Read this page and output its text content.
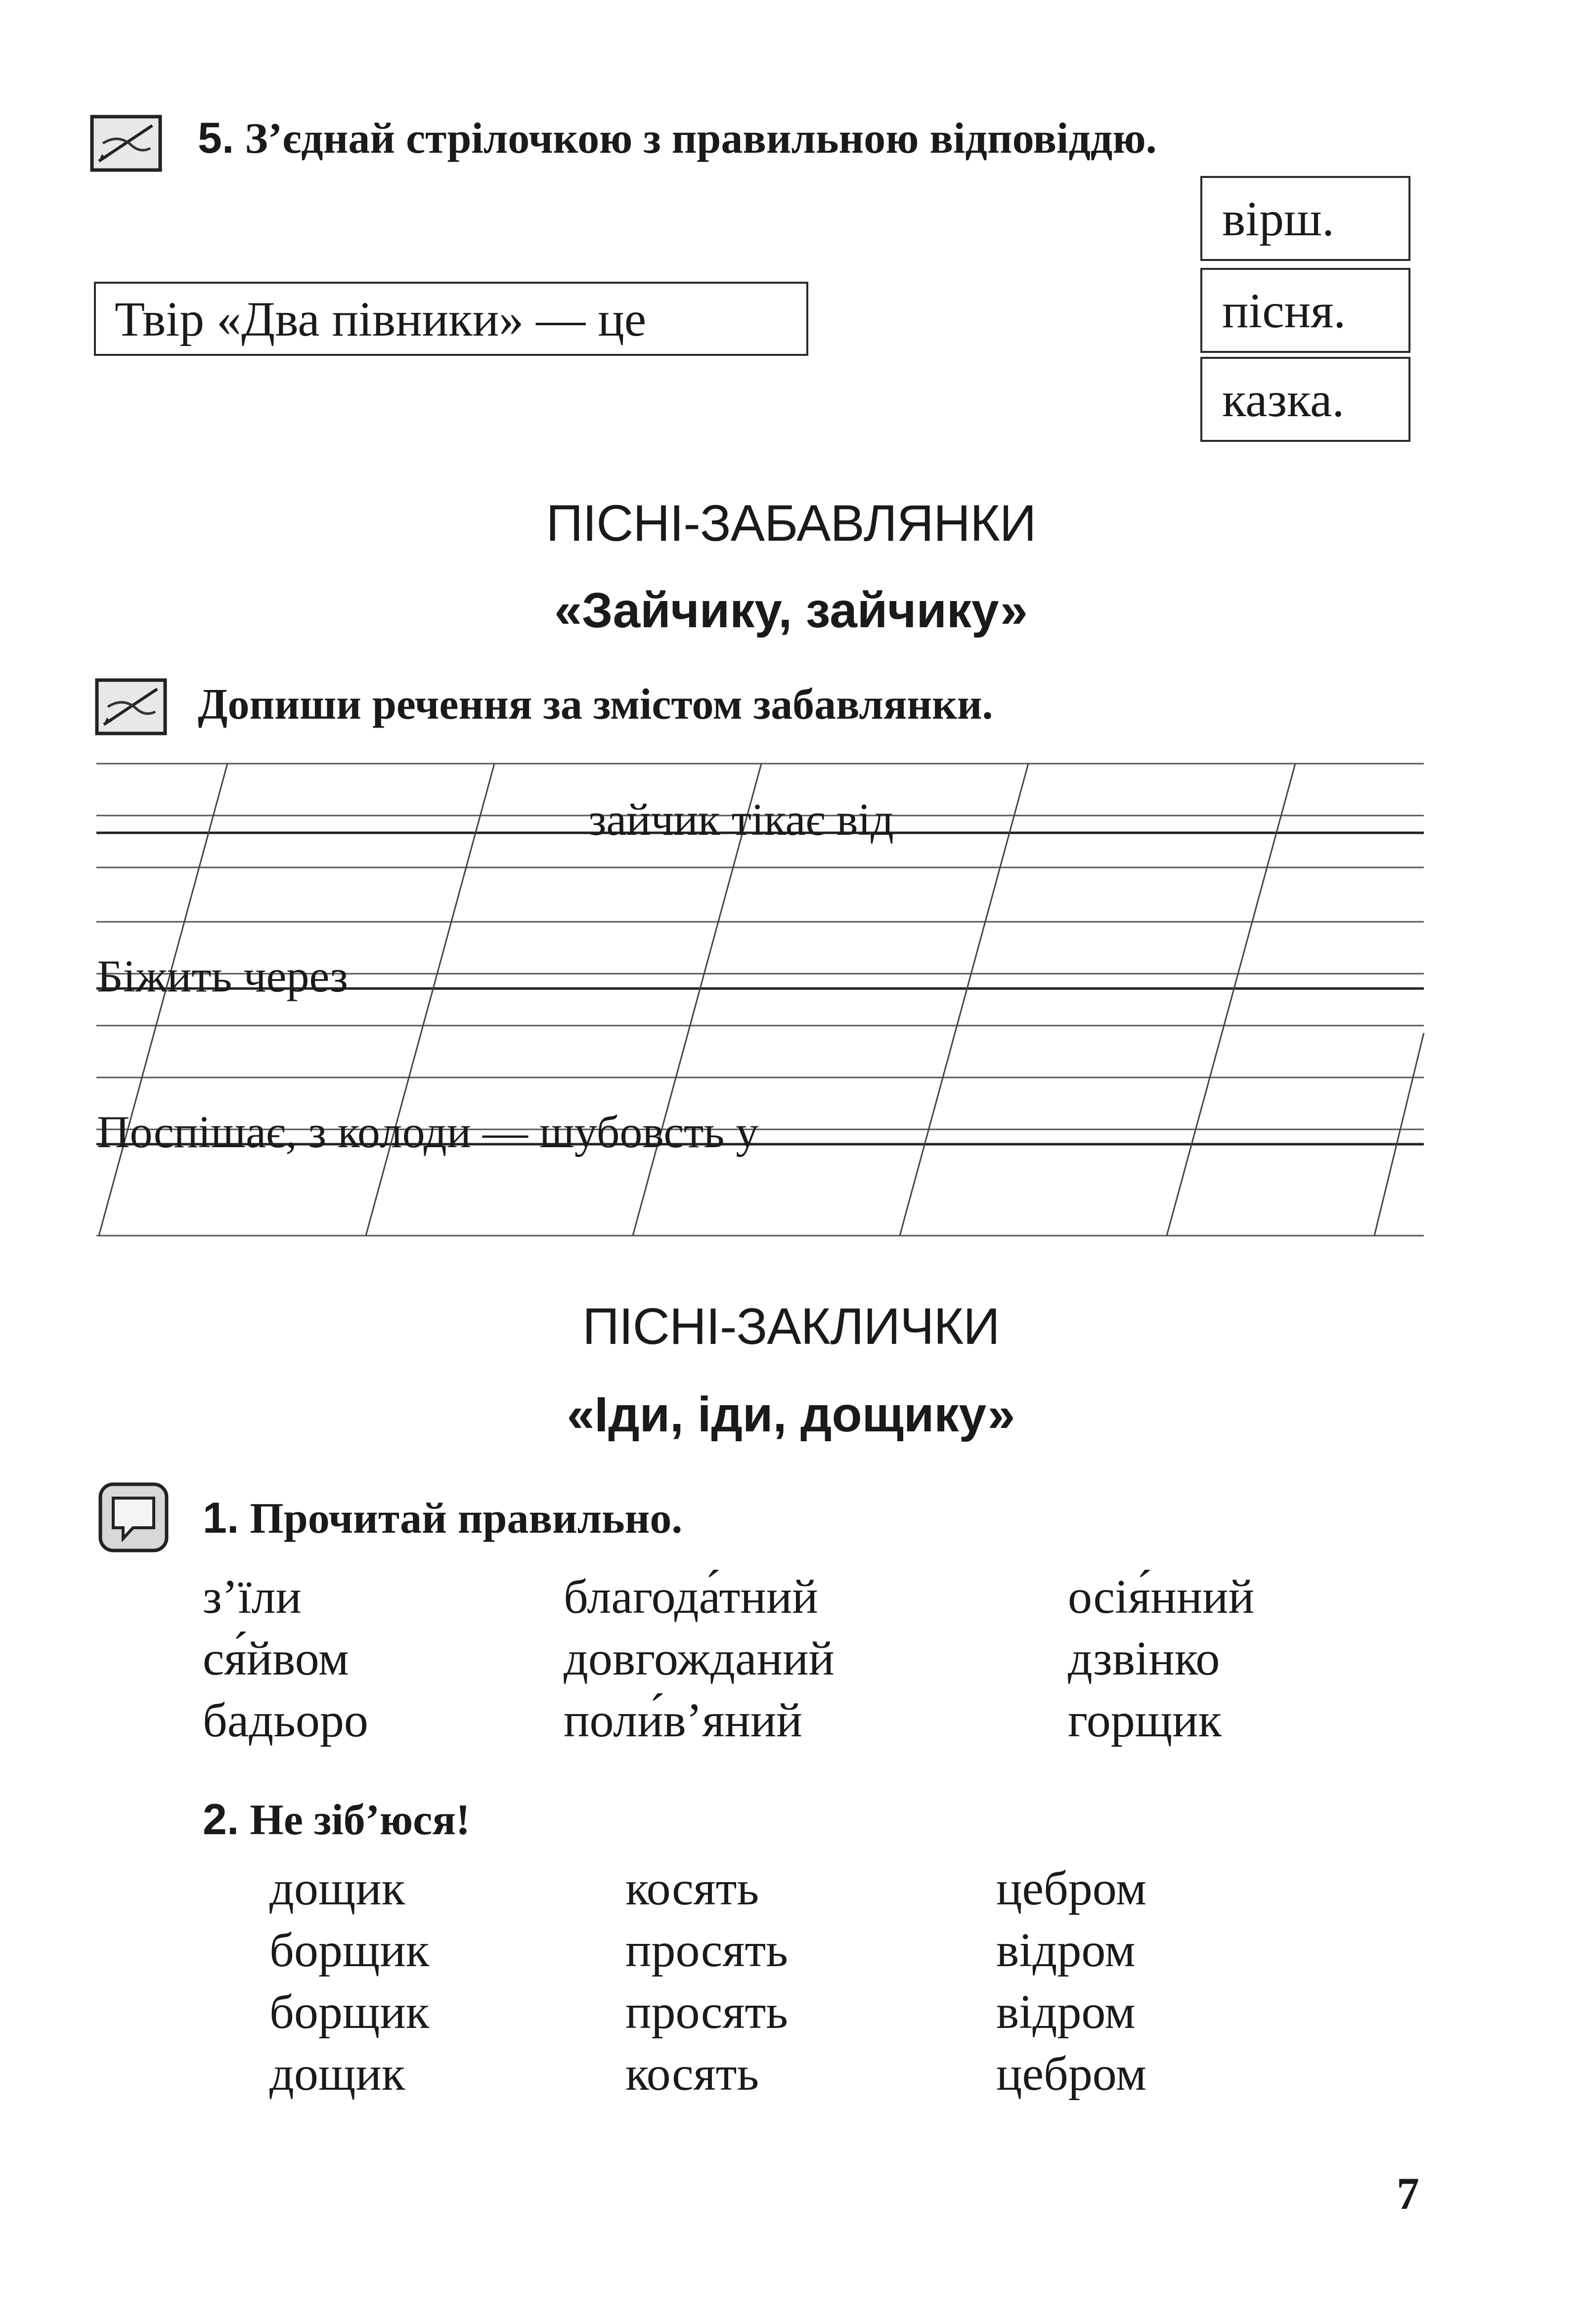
5. З’єднай стрілочкою з правильною відповіддю.
Твір «Два півники» — це
вірш.
пісня.
казка.
ПІСНІ-ЗАБАВЛЯНКИ
«Зайчику, зайчику»
Допиши речення за змістом забавлянки.
зайчик тікає від
Біжить через
Поспішає, з колоди — шубовсть у
ПІСНІ-ЗАКЛИЧКИ
«Іди, іди, дощику»
1. Прочитай правильно.
з’їли
ся́йвом
бадьоро
благода́тний
довгожданий
поли́в’яний
осія́нний
дзвінко
горщик
2. Не зіб’юся!
дощик
борщик
борщик
дощик
косять
просять
просять
косять
цебром
відром
відром
цебром
7
